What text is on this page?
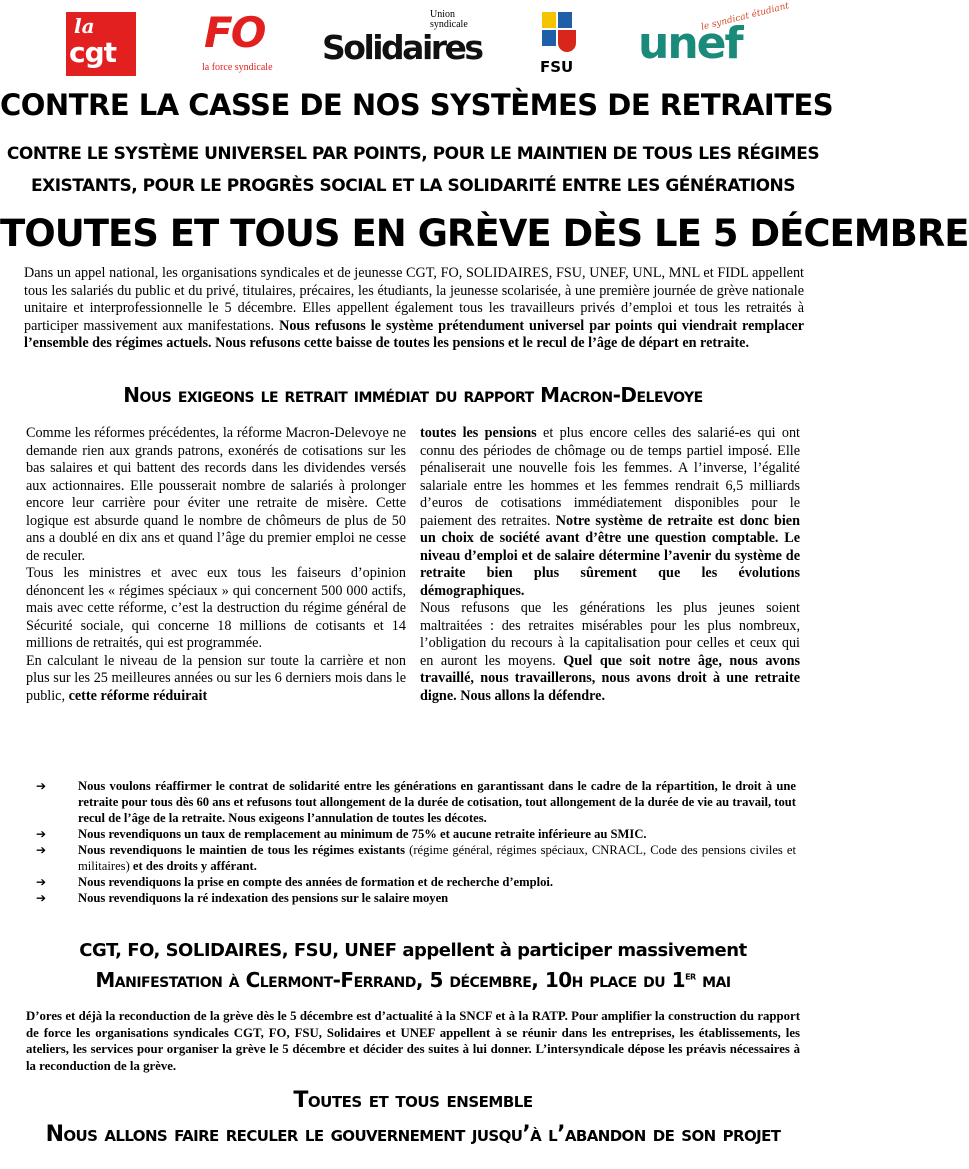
la
cgt FO
la force syndicale
Union syndicale
Solidaires	FSU unef
le syndicat étudiant
CONTRE LA CASSE DE NOS SYSTÈMES DE RETRAITES
CONTRE LE SYSTÈME UNIVERSEL PAR POINTS, POUR LE MAINTIEN DE TOUS LES RÉGIMES
EXISTANTS, POUR LE PROGRÈS SOCIAL ET LA SOLIDARITÉ ENTRE LES GÉNÉRATIONS
TOUTES ET TOUS EN GRÈVE DÈS LE 5 DÉCEMBRE
Dans un appel national, les organisations syndicales et de jeunesse CGT, FO, SOLIDAIRES, FSU, UNEF, UNL, MNL et FIDL appellent tous les salariés du public et du privé, titulaires, précaires, les étudiants, la jeunesse scolarisée, à une première journée de grève nationale unitaire et interprofessionnelle le 5 décembre. Elles appellent également tous les travailleurs privés d’emploi et tous les retraités à participer massivement aux manifestations. Nous refusons le système prétendument universel par points qui viendrait remplacer l’ensemble des régimes actuels. Nous refusons cette baisse de toutes les pensions et le recul de l’âge de départ en retraite.
Nous exigeons le retrait immédiat du rapport Macron-Delevoye

Comme les réformes précédentes, la réforme Macron-Delevoye ne demande rien aux grands patrons, exonérés de cotisations sur les bas salaires et qui battent des records dans les dividendes versés aux actionnaires. Elle pousserait nombre de salariés à prolonger encore leur carrière pour éviter une retraite de misère. Cette logique est absurde quand le nombre de chômeurs de plus de 50 ans a doublé en dix ans et quand l’âge du premier emploi ne cesse de reculer.

Tous les ministres et avec eux tous les faiseurs d’opinion dénoncent les « régimes spéciaux » qui concernent 500 000 actifs, mais avec cette réforme, c’est la destruction du régime général de Sécurité sociale, qui concerne 18 millions de cotisants et 14 millions de retraités, qui est programmée.

En calculant le niveau de la pension sur toute la carrière et non plus sur les 25 meilleures années ou sur les 6 derniers mois dans le public, cette réforme réduirait

toutes les pensions et plus encore celles des salarié-es qui ont connu des périodes de chômage ou de temps partiel imposé. Elle pénaliserait une nouvelle fois les femmes. A l’inverse, l’égalité salariale entre les hommes et les femmes rendrait 6,5 milliards d’euros de cotisations immédiatement disponibles pour le paiement des retraites. Notre système de retraite est donc bien un choix de société avant d’être une question comptable. Le niveau d’emploi et de salaire détermine l’avenir du système de retraite bien plus sûrement que les évolutions démographiques.

Nous refusons que les générations les plus jeunes soient maltraitées : des retraites misérables pour les plus nombreux, l’obligation du recours à la capitalisation pour celles et ceux qui en auront les moyens. Quel que soit notre âge, nous avons travaillé, nous travaillerons, nous avons droit à une retraite digne. Nous allons la défendre.

➔	Nous voulons réaffirmer le contrat de solidarité entre les générations en garantissant dans le cadre de la répartition, le droit à une retraite pour tous dès 60 ans et refusons tout allongement de la durée de cotisation, tout allongement de la durée de vie au travail, tout recul de l’âge de la retraite. Nous exigeons l’annulation de toutes les décotes.
➔	Nous revendiquons un taux de remplacement au minimum de 75% et aucune retraite inférieure au SMIC.
➔	Nous revendiquons le maintien de tous les régimes existants (régime général, régimes spéciaux, CNRACL, Code des pensions civiles et militaires) et des droits y afférant.
➔	Nous revendiquons la prise en compte des années de formation et de recherche d’emploi.
➔	Nous revendiquons la ré indexation des pensions sur le salaire moyen
CGT, FO, SOLIDAIRES, FSU, UNEF appellent à participer massivement
Manifestation à Clermont-Ferrand, 5 décembre, 10h place du 1er mai
D’ores et déjà la reconduction de la grève dès le 5 décembre est d’actualité à la SNCF et à la RATP. Pour amplifier la construction du rapport de force les organisations syndicales CGT, FO, FSU, Solidaires et UNEF appellent à se réunir dans les entreprises, les établissements, les ateliers, les services pour organiser la grève le 5 décembre et décider des suites à lui donner. L’intersyndicale dépose les préavis nécessaires à la reconduction de la grève.
Toutes et tous ensemble
Nous allons faire reculer le gouvernement jusqu’à l’abandon de son projet
